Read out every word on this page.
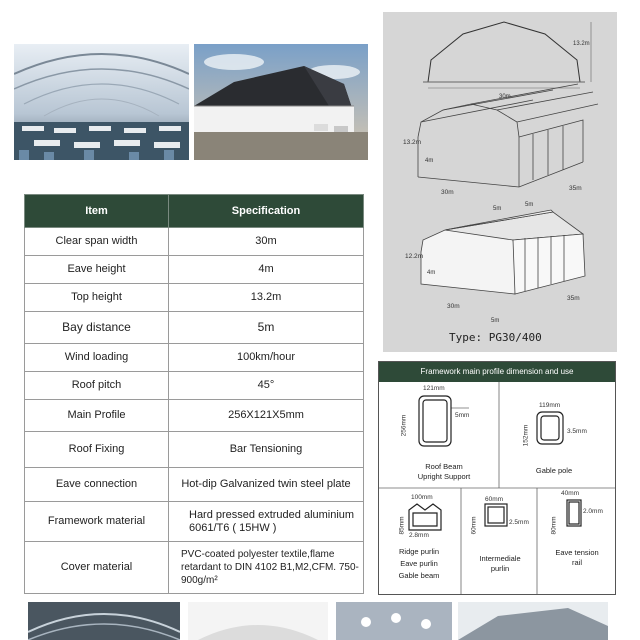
Item	Specification
Clear span width	30m
Eave height	4m
Top height	13.2m
Bay distance	5m
Wind loading	100km/hour
Roof pitch	45°
Main Profile	256X121X5mm
Roof Fixing	Bar Tensioning
Eave connection	Hot-dip Galvanized twin steel plate
Framework material	Hard pressed extruded aluminium 6061/T6 ( 15HW )
Cover material	PVC-coated polyester textile,flame retardant to DIN 4102 B1,M2,CFM. 750-900g/m²
13.2m
30m
13.2m
4m
30m
35m
5m
5m
12.2m
4m
30m
5m
35m
Type: PG30/400
Framework main profile dimension and use
121mm
256mm	5mm
Roof Beam
Upright Support
119mm
152mm	3.5mm
Gable pole
100mm
85mm
2.8mm
Ridge purlin
Eave purlin
Gable beam
60mm
60mm	2.5mm
Intermediale
purlin
40mm
80mm
2.0mm
Eave tension
rail
